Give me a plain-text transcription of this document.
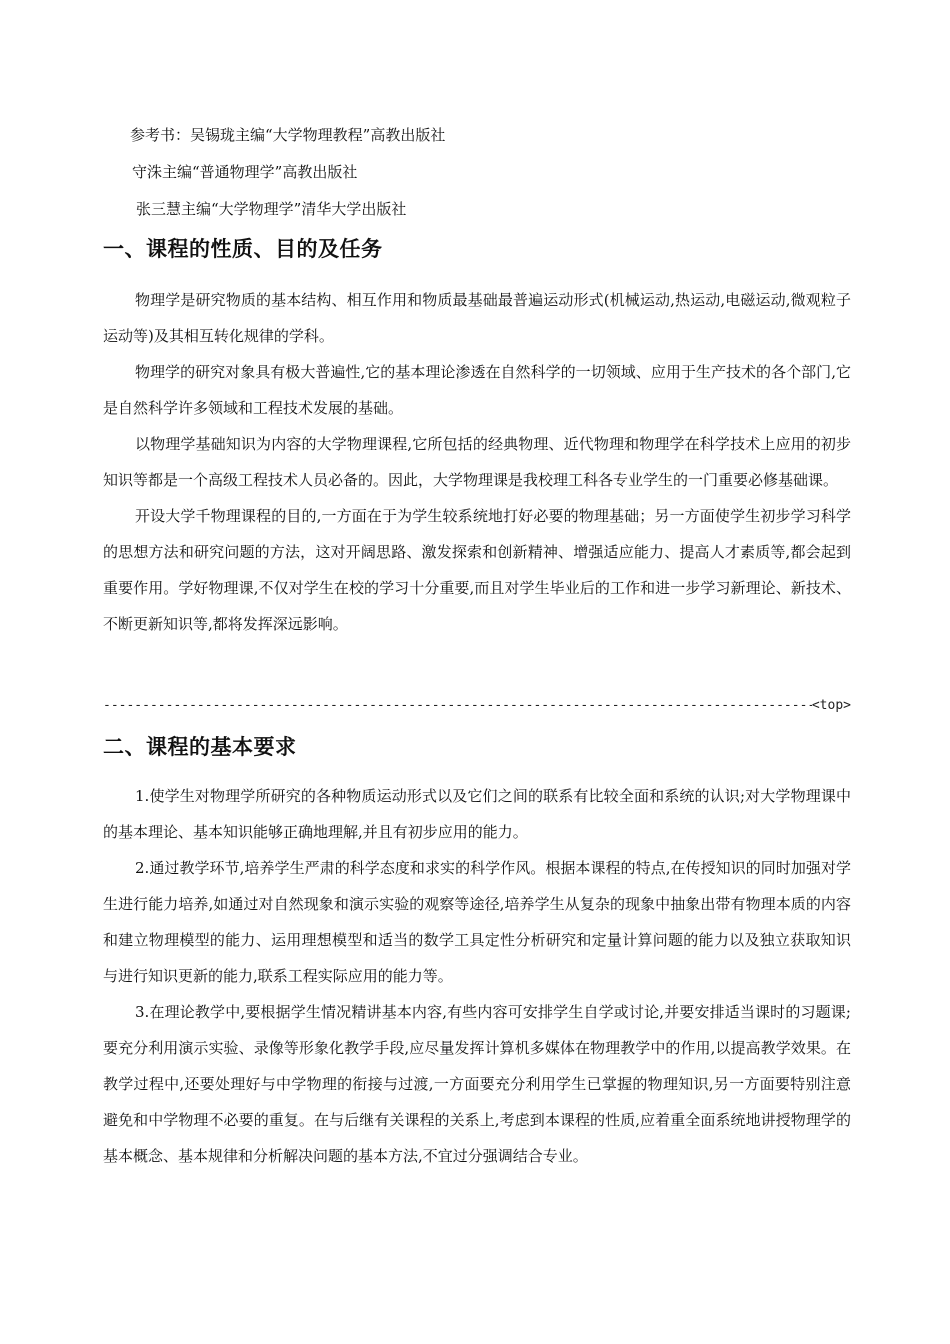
参考书：吴锡珑主编“大学物理教程”高教出版社
守洙主编“普通物理学”高教出版社
张三慧主编“大学物理学”清华大学出版社
一、课程的性质、目的及任务

物理学是研究物质的基本结构、相互作用和物质最基础最普遍运动形式(机械运动,热运动,电磁运动,微观粒子运动等)及其相互转化规律的学科。

物理学的研究对象具有极大普遍性,它的基本理论渗透在自然科学的一切领域、应用于生产技术的各个部门,它是自然科学许多领域和工程技术发展的基础。

以物理学基础知识为内容的大学物理课程,它所包括的经典物理、近代物理和物理学在科学技术上应用的初步知识等都是一个高级工程技术人员必备的。因此，大学物理课是我校理工科各专业学生的一门重要必修基础课。

开设大学千物理课程的目的,一方面在于为学生较系统地打好必要的物理基础；另一方面使学生初步学习科学的思想方法和研究问题的方法，这对开阔思路、激发探索和创新精神、增强适应能力、提高人才素质等,都会起到重要作用。学好物理课,不仅对学生在校的学习十分重要,而且对学生毕业后的工作和进一步学习新理论、新技术、不断更新知识等,都将发挥深远影响。

-----
<top>
二、课程的基本要求

1.使学生对物理学所研究的各种物质运动形式以及它们之间的联系有比较全面和系统的认识;对大学物理课中的基本理论、基本知识能够正确地理解,并且有初步应用的能力。

2.通过教学环节,培养学生严肃的科学态度和求实的科学作风。根据本课程的特点,在传授知识的同时加强对学生进行能力培养,如通过对自然现象和演示实验的观察等途径,培养学生从复杂的现象中抽象出带有物理本质的内容和建立物理模型的能力、运用理想模型和适当的数学工具定性分析研究和定量计算问题的能力以及独立获取知识与进行知识更新的能力,联系工程实际应用的能力等。

3.在理论教学中,要根据学生情况精讲基本内容,有些内容可安排学生自学或讨论,并要安排适当课时的习题课;要充分利用演示实验、录像等形象化教学手段,应尽量发挥计算机多媒体在物理教学中的作用,以提高教学效果。在教学过程中,还要处理好与中学物理的衔接与过渡,一方面要充分利用学生已掌握的物理知识,另一方面要特别注意避免和中学物理不必要的重复。在与后继有关课程的关系上,考虑到本课程的性质,应着重全面系统地讲授物理学的基本概念、基本规律和分析解决问题的基本方法,不宜过分强调结合专业。
